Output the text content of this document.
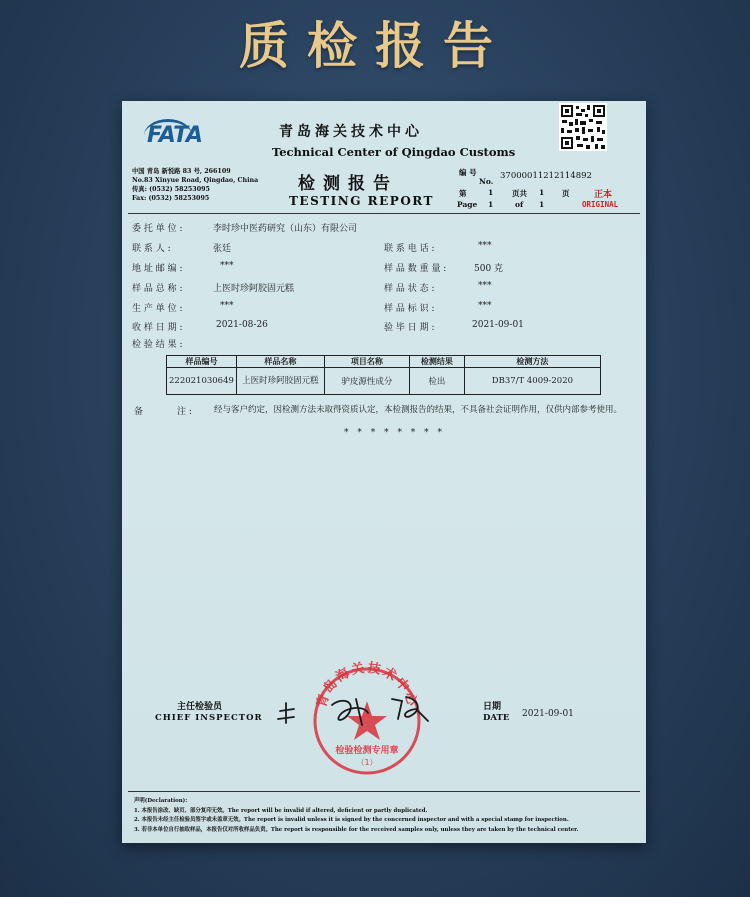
质检报告
FATA	青岛海关技术中心
Technical Center of Qingdao Customs
中国 青岛 新悦路 83 号, 266109
No.83 Xinyue Road, Qingdao, China
传真: (0532) 58253095
Fax: (0532) 58253095
检测报告
TESTING REPORT
编 号
No.
37000011212114892
第	1	页共 1 页
Page 1	of 1
正本
ORIGINAL
委 托 单 位 :	李时珍中医药研究（山东）有限公司
联 系 人 :	张廷	联 系 电 话 :	***
地 址 邮 编 :	***	样 品 数 重 量 :	500 克
样 品 总 称 :	上医时珍阿胶固元糕	样 品 状 态 :	***
生 产 单 位 :	***	样 品 标 识 :	***
收 样 日 期 :	2021-08-26	验 毕 日 期 :	2021-09-01
检 验 结 果 :
样品编号	样品名称	项目名称	检测结果	检测方法
222021030649	上医时珍阿胶固元糕	驴皮源性成分	检出	DB37/T 4009-2020
备	注 :	经与客户约定，因检测方法未取得资质认定，本检测报告的结果，不具备社会证明作用，仅供内部参考使用。
* * * * * * * *
主任检验员
CHIEF INSPECTOR
日期
DATE 2021-09-01
青岛海关技术中心
检验检测专用章
（1）
声明(Declaration):
1. 本报告涂改、缺页、部分复印无效。The report will be invalid if altered, deficient or partly duplicated.
2. 本报告未经主任检验员签字或未盖章无效。The report is invalid unless it is signed by the concerned inspector and with a special stamp for inspection.
3. 若非本单位自行抽取样品，本报告仅对所收样品负责。The report is responsible for the received samples only, unless they are taken by the technical center.
